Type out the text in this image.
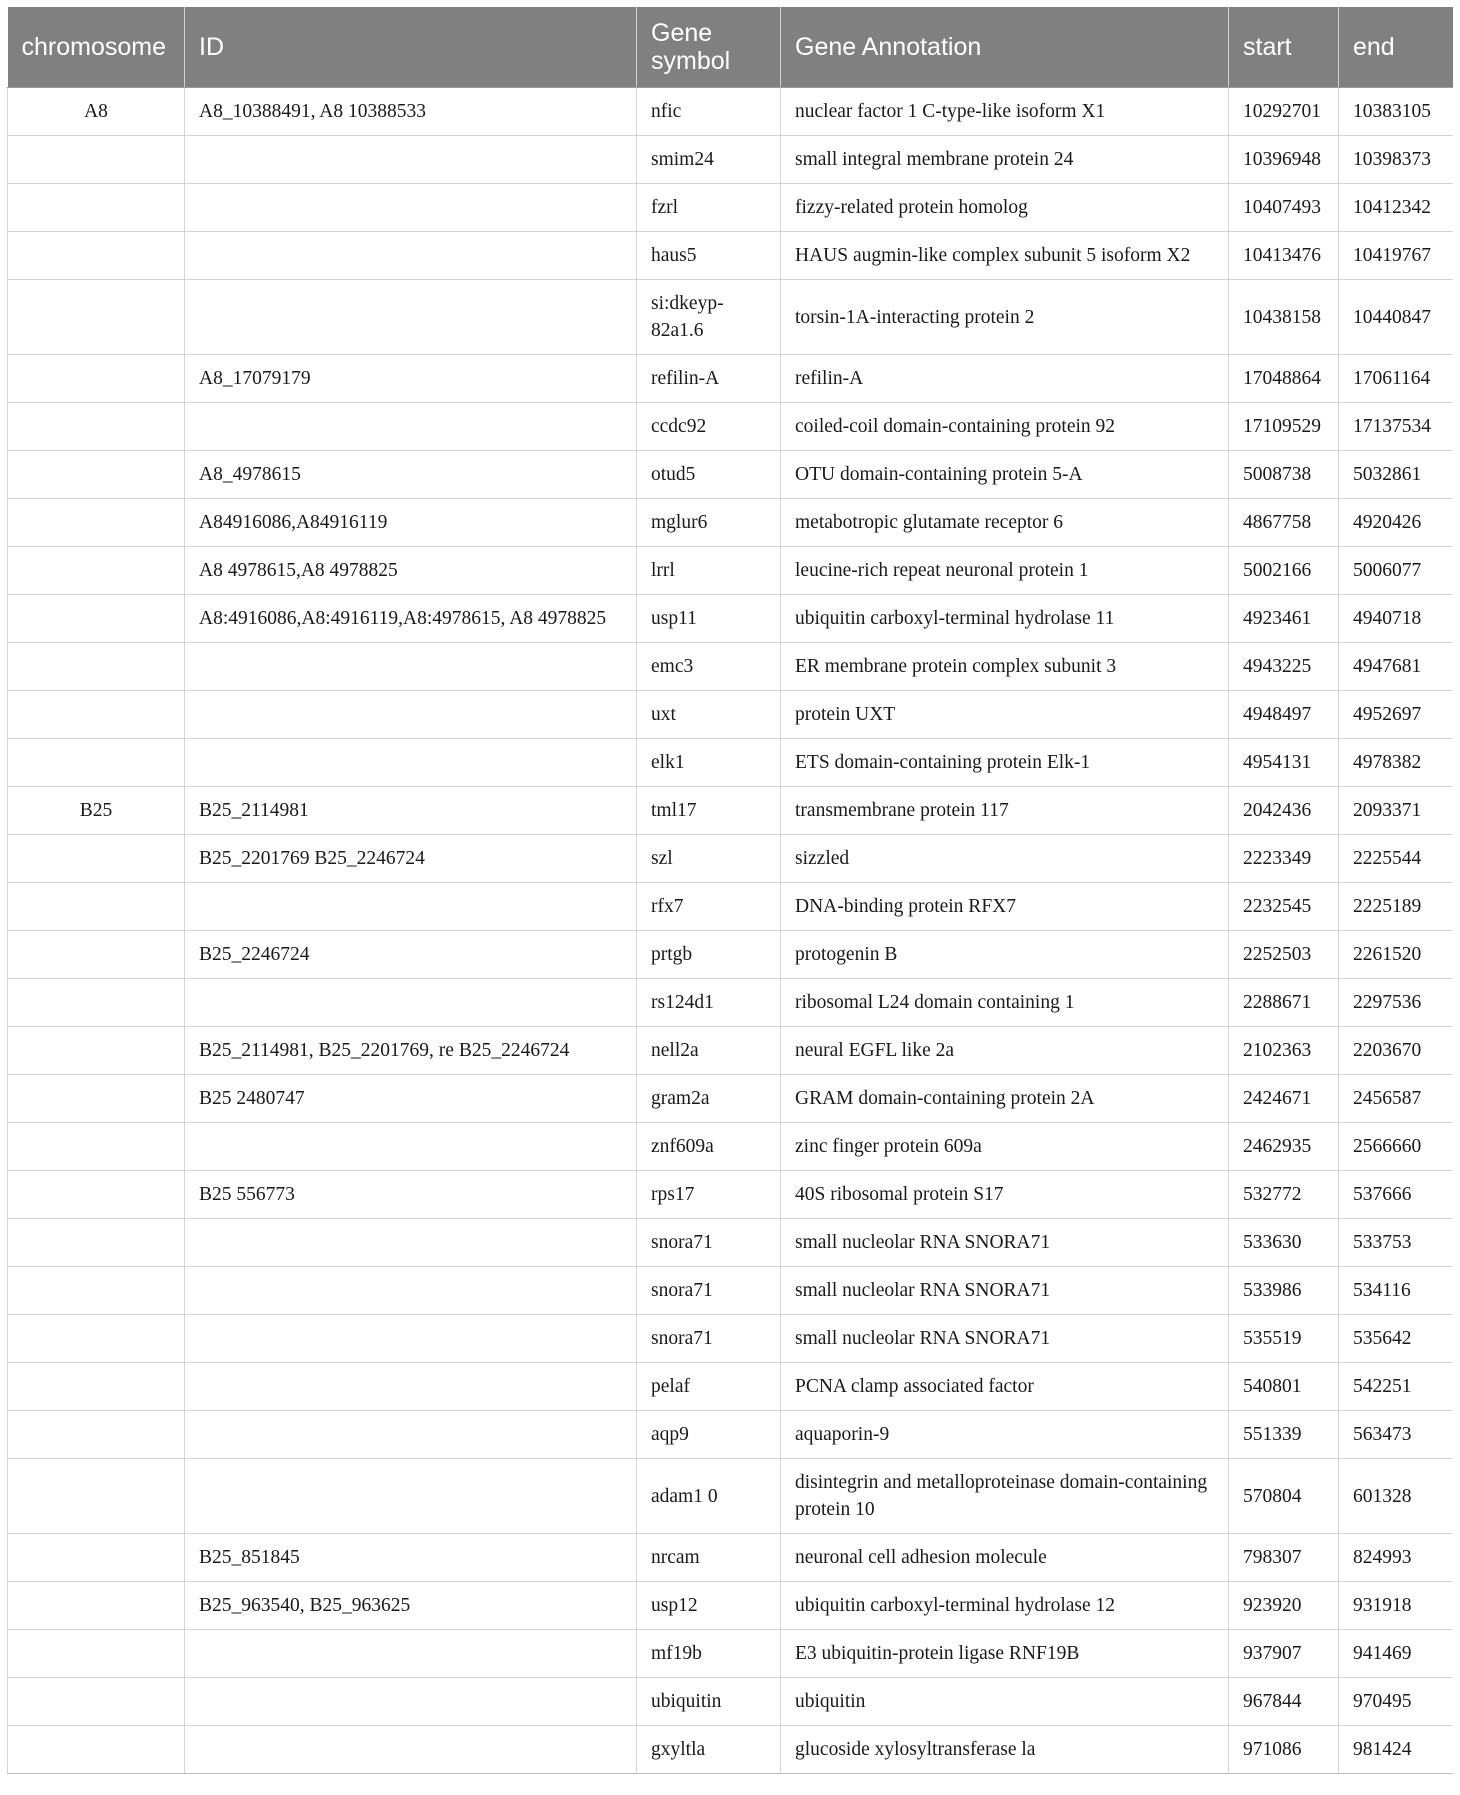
chromosome	ID	Gene symbol	Gene Annotation	start	end
A8	A8_10388491, A8 10388533	nfic	nuclear factor 1 C-type-like isoform X1	10292701	10383105
		smim24	small integral membrane protein 24	10396948	10398373
		fzrl	fizzy-related protein homolog	10407493	10412342
		haus5	HAUS augmin-like complex subunit 5 isoform X2	10413476	10419767
		si:dkeyp-82a1.6	torsin-1A-interacting protein 2	10438158	10440847
	A8_17079179	refilin-A	refilin-A	17048864	17061164
		ccdc92	coiled-coil domain-containing protein 92	17109529	17137534
	A8_4978615	otud5	OTU domain-containing protein 5-A	5008738	5032861
	A84916086,A84916119	mglur6	metabotropic glutamate receptor 6	4867758	4920426
	A8 4978615,A8 4978825	lrrl	leucine-rich repeat neuronal protein 1	5002166	5006077
	A8:4916086,A8:4916119,A8:4978615, A8 4978825	usp11	ubiquitin carboxyl-terminal hydrolase 11	4923461	4940718
		emc3	ER membrane protein complex subunit 3	4943225	4947681
		uxt	protein UXT	4948497	4952697
		elk1	ETS domain-containing protein Elk-1	4954131	4978382
B25	B25_2114981	tml17	transmembrane protein 117	2042436	2093371
	B25_2201769 B25_2246724	szl	sizzled	2223349	2225544
		rfx7	DNA-binding protein RFX7	2232545	2225189
	B25_2246724	prtgb	protogenin B	2252503	2261520
		rs124d1	ribosomal L24 domain containing 1	2288671	2297536
	B25_2114981, B25_2201769, re B25_2246724	nell2a	neural EGFL like 2a	2102363	2203670
	B25 2480747	gram2a	GRAM domain-containing protein 2A	2424671	2456587
		znf609a	zinc finger protein 609a	2462935	2566660
	B25 556773	rps17	40S ribosomal protein S17	532772	537666
		snora71	small nucleolar RNA SNORA71	533630	533753
		snora71	small nucleolar RNA SNORA71	533986	534116
		snora71	small nucleolar RNA SNORA71	535519	535642
		pelaf	PCNA clamp associated factor	540801	542251
		aqp9	aquaporin-9	551339	563473
		adam1 0	disintegrin and metalloproteinase domain-containing protein 10	570804	601328
	B25_851845	nrcam	neuronal cell adhesion molecule	798307	824993
	B25_963540, B25_963625	usp12	ubiquitin carboxyl-terminal hydrolase 12	923920	931918
		mf19b	E3 ubiquitin-protein ligase RNF19B	937907	941469
		ubiquitin	ubiquitin	967844	970495
		gxyltla	glucoside xylosyltransferase la	971086	981424
